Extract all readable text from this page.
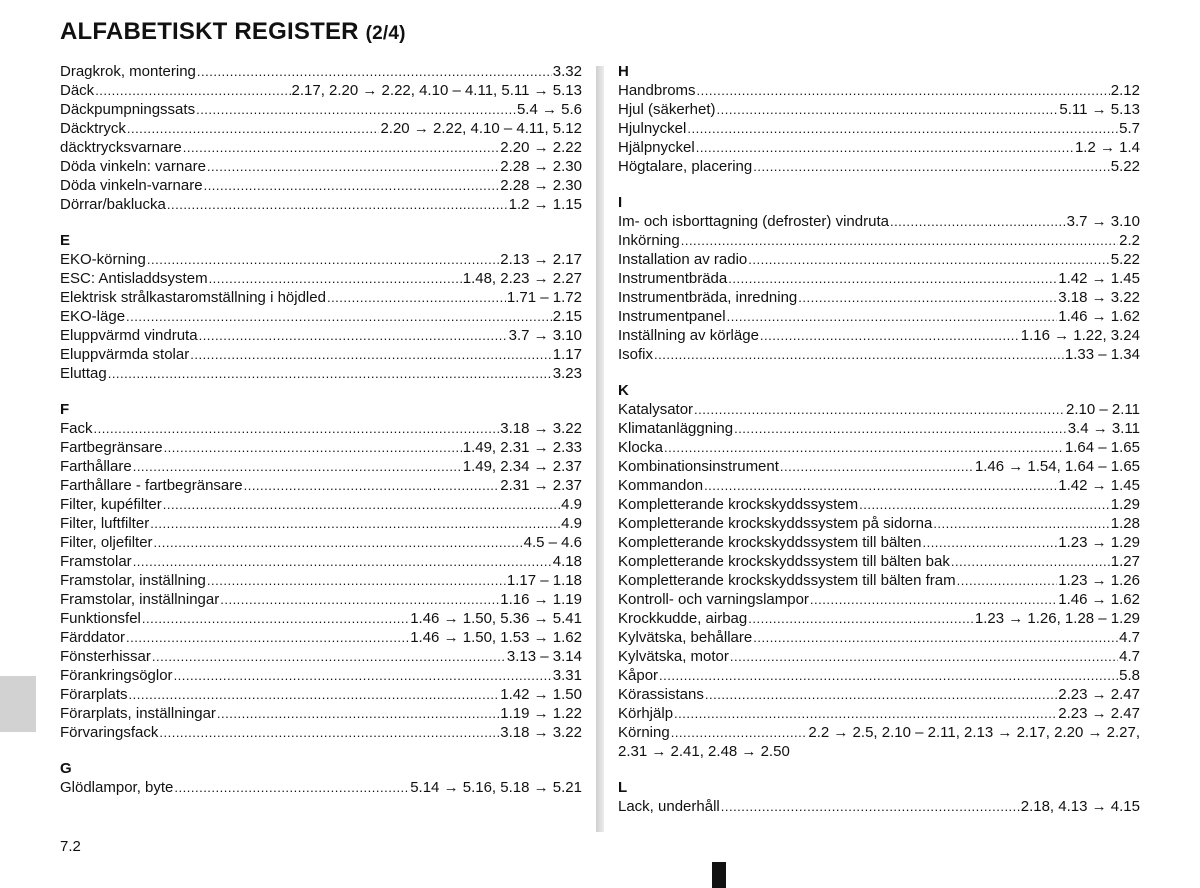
ALFABETISKT REGISTER (2/4)
Dragkrok, montering .....	3.32
Däck .....	2.17, 2.20 → 2.22, 4.10 – 4.11, 5.11 → 5.13
Däckpumpningssats .....	5.4 → 5.6
Däcktryck .....	2.20 → 2.22, 4.10 – 4.11, 5.12
däcktrycksvarnare .....	2.20 → 2.22
Döda vinkeln: varnare .....	2.28 → 2.30
Döda vinkeln-varnare .....	2.28 → 2.30
Dörrar/baklucka .....	1.2 → 1.15
E
EKO-körning .....	2.13 → 2.17
ESC: Antisladdsystem .....	1.48, 2.23 → 2.27
Elektrisk strålkastaromställning i höjdled .....	1.71 – 1.72
EKO-läge .....	2.15
Eluppvärmd vindruta .....	3.7 → 3.10
Eluppvärmda stolar .....	1.17
Eluttag .....	3.23
F
Fack .....	3.18 → 3.22
Fartbegränsare .....	1.49, 2.31 → 2.33
Farthållare .....	1.49, 2.34 → 2.37
Farthållare - fartbegränsare .....	2.31 → 2.37
Filter, kupéfilter .....	4.9
Filter, luftfilter .....	4.9
Filter, oljefilter .....	4.5 – 4.6
Framstolar .....	4.18
Framstolar, inställning .....	1.17 – 1.18
Framstolar, inställningar .....	1.16 → 1.19
Funktionsfel .....	1.46 → 1.50, 5.36 → 5.41
Färddator .....	1.46 → 1.50, 1.53 → 1.62
Fönsterhissar .....	3.13 – 3.14
Förankringsöglor .....	3.31
Förarplats .....	1.42 → 1.50
Förarplats, inställningar .....	1.19 → 1.22
Förvaringsfack .....	3.18 → 3.22
G
Glödlampor, byte .....	5.14 → 5.16, 5.18 → 5.21
H
Handbroms .....	2.12
Hjul (säkerhet) .....	5.11 → 5.13
Hjulnyckel .....	5.7
Hjälpnyckel .....	1.2 → 1.4
Högtalare, placering .....	5.22
I
Im- och isborttagning (defroster) vindruta .....	3.7 → 3.10
Inkörning .....	2.2
Installation av radio .....	5.22
Instrumentbräda .....	1.42 → 1.45
Instrumentbräda, inredning .....	3.18 → 3.22
Instrumentpanel .....	1.46 → 1.62
Inställning av körläge .....	1.16 → 1.22, 3.24
Isofix .....	1.33 – 1.34
K
Katalysator .....	2.10 – 2.11
Klimatanläggning .....	3.4 → 3.11
Klocka .....	1.64 – 1.65
Kombinationsinstrument .....	1.46 → 1.54, 1.64 – 1.65
Kommandon .....	1.42 → 1.45
Kompletterande krockskyddssystem .....	1.29
Kompletterande krockskyddssystem på sidorna .....	1.28
Kompletterande krockskyddssystem till bälten .....	1.23 → 1.29
Kompletterande krockskyddssystem till bälten bak .....	1.27
Kompletterande krockskyddssystem till bälten fram .....	1.23 → 1.26
Kontroll- och varningslampor .....	1.46 → 1.62
Krockkudde, airbag .....	1.23 → 1.26, 1.28 – 1.29
Kylvätska, behållare .....	4.7
Kylvätska, motor .....	4.7
Kåpor .....	5.8
Körassistans .....	2.23 → 2.47
Körhjälp .....	2.23 → 2.47
Körning .....	2.2 → 2.5, 2.10 – 2.11, 2.13 → 2.17, 2.20 → 2.27,
2.31 → 2.41, 2.48 → 2.50
L
Lack, underhåll .....	2.18, 4.13 → 4.15
7.2
